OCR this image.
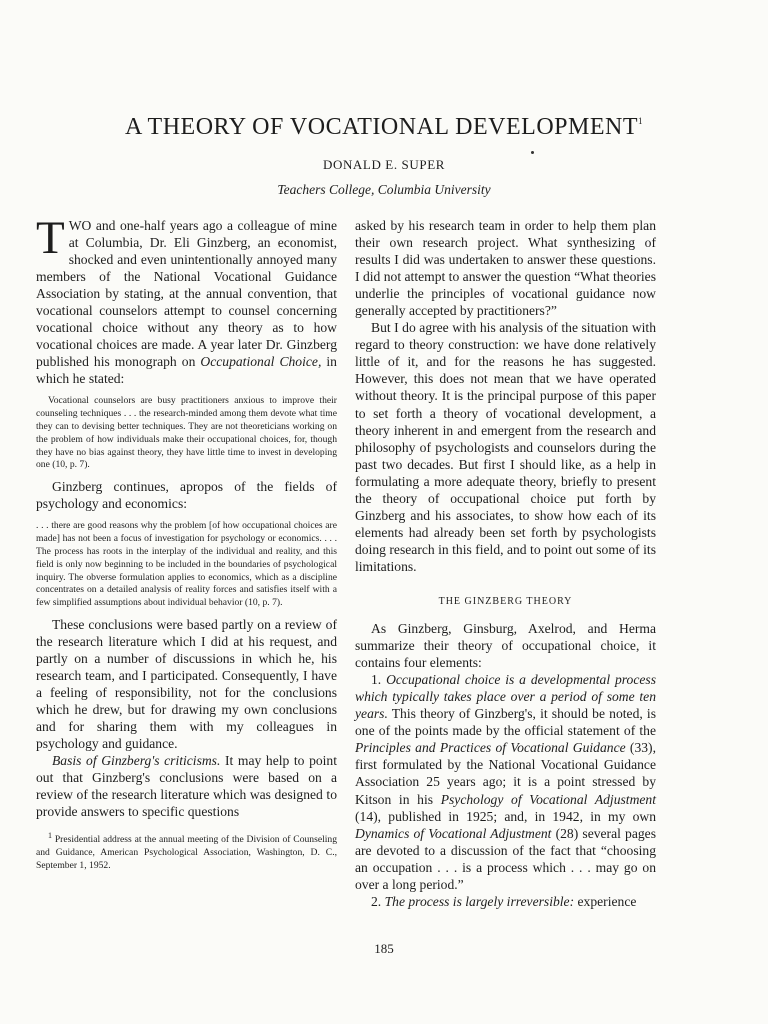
A THEORY OF VOCATIONAL DEVELOPMENT$^1$

DONALD E. SUPER

Teachers College, Columbia University

TWO and one-half years ago a colleague of mine at Columbia, Dr. Eli Ginzberg, an economist, shocked and even unintentionally annoyed many members of the National Vocational Guidance Association by stating, at the annual convention, that vocational counselors attempt to counsel concerning vocational choice without any theory as to how vocational choices are made. A year later Dr. Ginzberg published his monograph on Occupational Choice, in which he stated:

Vocational counselors are busy practitioners anxious to improve their counseling techniques . . . the research-minded among them devote what time they can to devising better techniques. They are not theoreticians working on the problem of how individuals make their occupational choices, for, though they have no bias against theory, they have little time to invest in developing one (10, p. 7).

Ginzberg continues, apropos of the fields of psychology and economics:

. . . there are good reasons why the problem [of how occupational choices are made] has not been a focus of investigation for psychology or economics. . . . The process has roots in the interplay of the individual and reality, and this field is only now beginning to be included in the boundaries of psychological inquiry. The obverse formulation applies to economics, which as a discipline concentrates on a detailed analysis of reality forces and satisfies itself with a few simplified assumptions about individual behavior (10, p. 7).

These conclusions were based partly on a review of the research literature which I did at his request, and partly on a number of discussions in which he, his research team, and I participated. Consequently, I have a feeling of responsibility, not for the conclusions which he drew, but for drawing my own conclusions and for sharing them with my colleagues in psychology and guidance.

Basis of Ginzberg's criticisms. It may help to point out that Ginzberg's conclusions were based on a review of the research literature which was designed to provide answers to specific questions

$^1$ Presidential address at the annual meeting of the Division of Counseling and Guidance, American Psychological Association, Washington, D. C., September 1, 1952.

asked by his research team in order to help them plan their own research project. What synthesizing of results I did was undertaken to answer these questions. I did not attempt to answer the question “What theories underlie the principles of vocational guidance now generally accepted by practitioners?”

But I do agree with his analysis of the situation with regard to theory construction: we have done relatively little of it, and for the reasons he has suggested. However, this does not mean that we have operated without theory. It is the principal purpose of this paper to set forth a theory of vocational development, a theory inherent in and emergent from the research and philosophy of psychologists and counselors during the past two decades. But first I should like, as a help in formulating a more adequate theory, briefly to present the theory of occupational choice put forth by Ginzberg and his associates, to show how each of its elements had already been set forth by psychologists doing research in this field, and to point out some of its limitations.

THE GINZBERG THEORY

As Ginzberg, Ginsburg, Axelrod, and Herma summarize their theory of occupational choice, it contains four elements:

1. Occupational choice is a developmental process which typically takes place over a period of some ten years. This theory of Ginzberg's, it should be noted, is one of the points made by the official statement of the Principles and Practices of Vocational Guidance (33), first formulated by the National Vocational Guidance Association 25 years ago; it is a point stressed by Kitson in his Psychology of Vocational Adjustment (14), published in 1925; and, in 1942, in my own Dynamics of Vocational Adjustment (28) several pages are devoted to a discussion of the fact that “choosing an occupation . . . is a process which . . . may go on over a long period.”

2. The process is largely irreversible: experience

185
